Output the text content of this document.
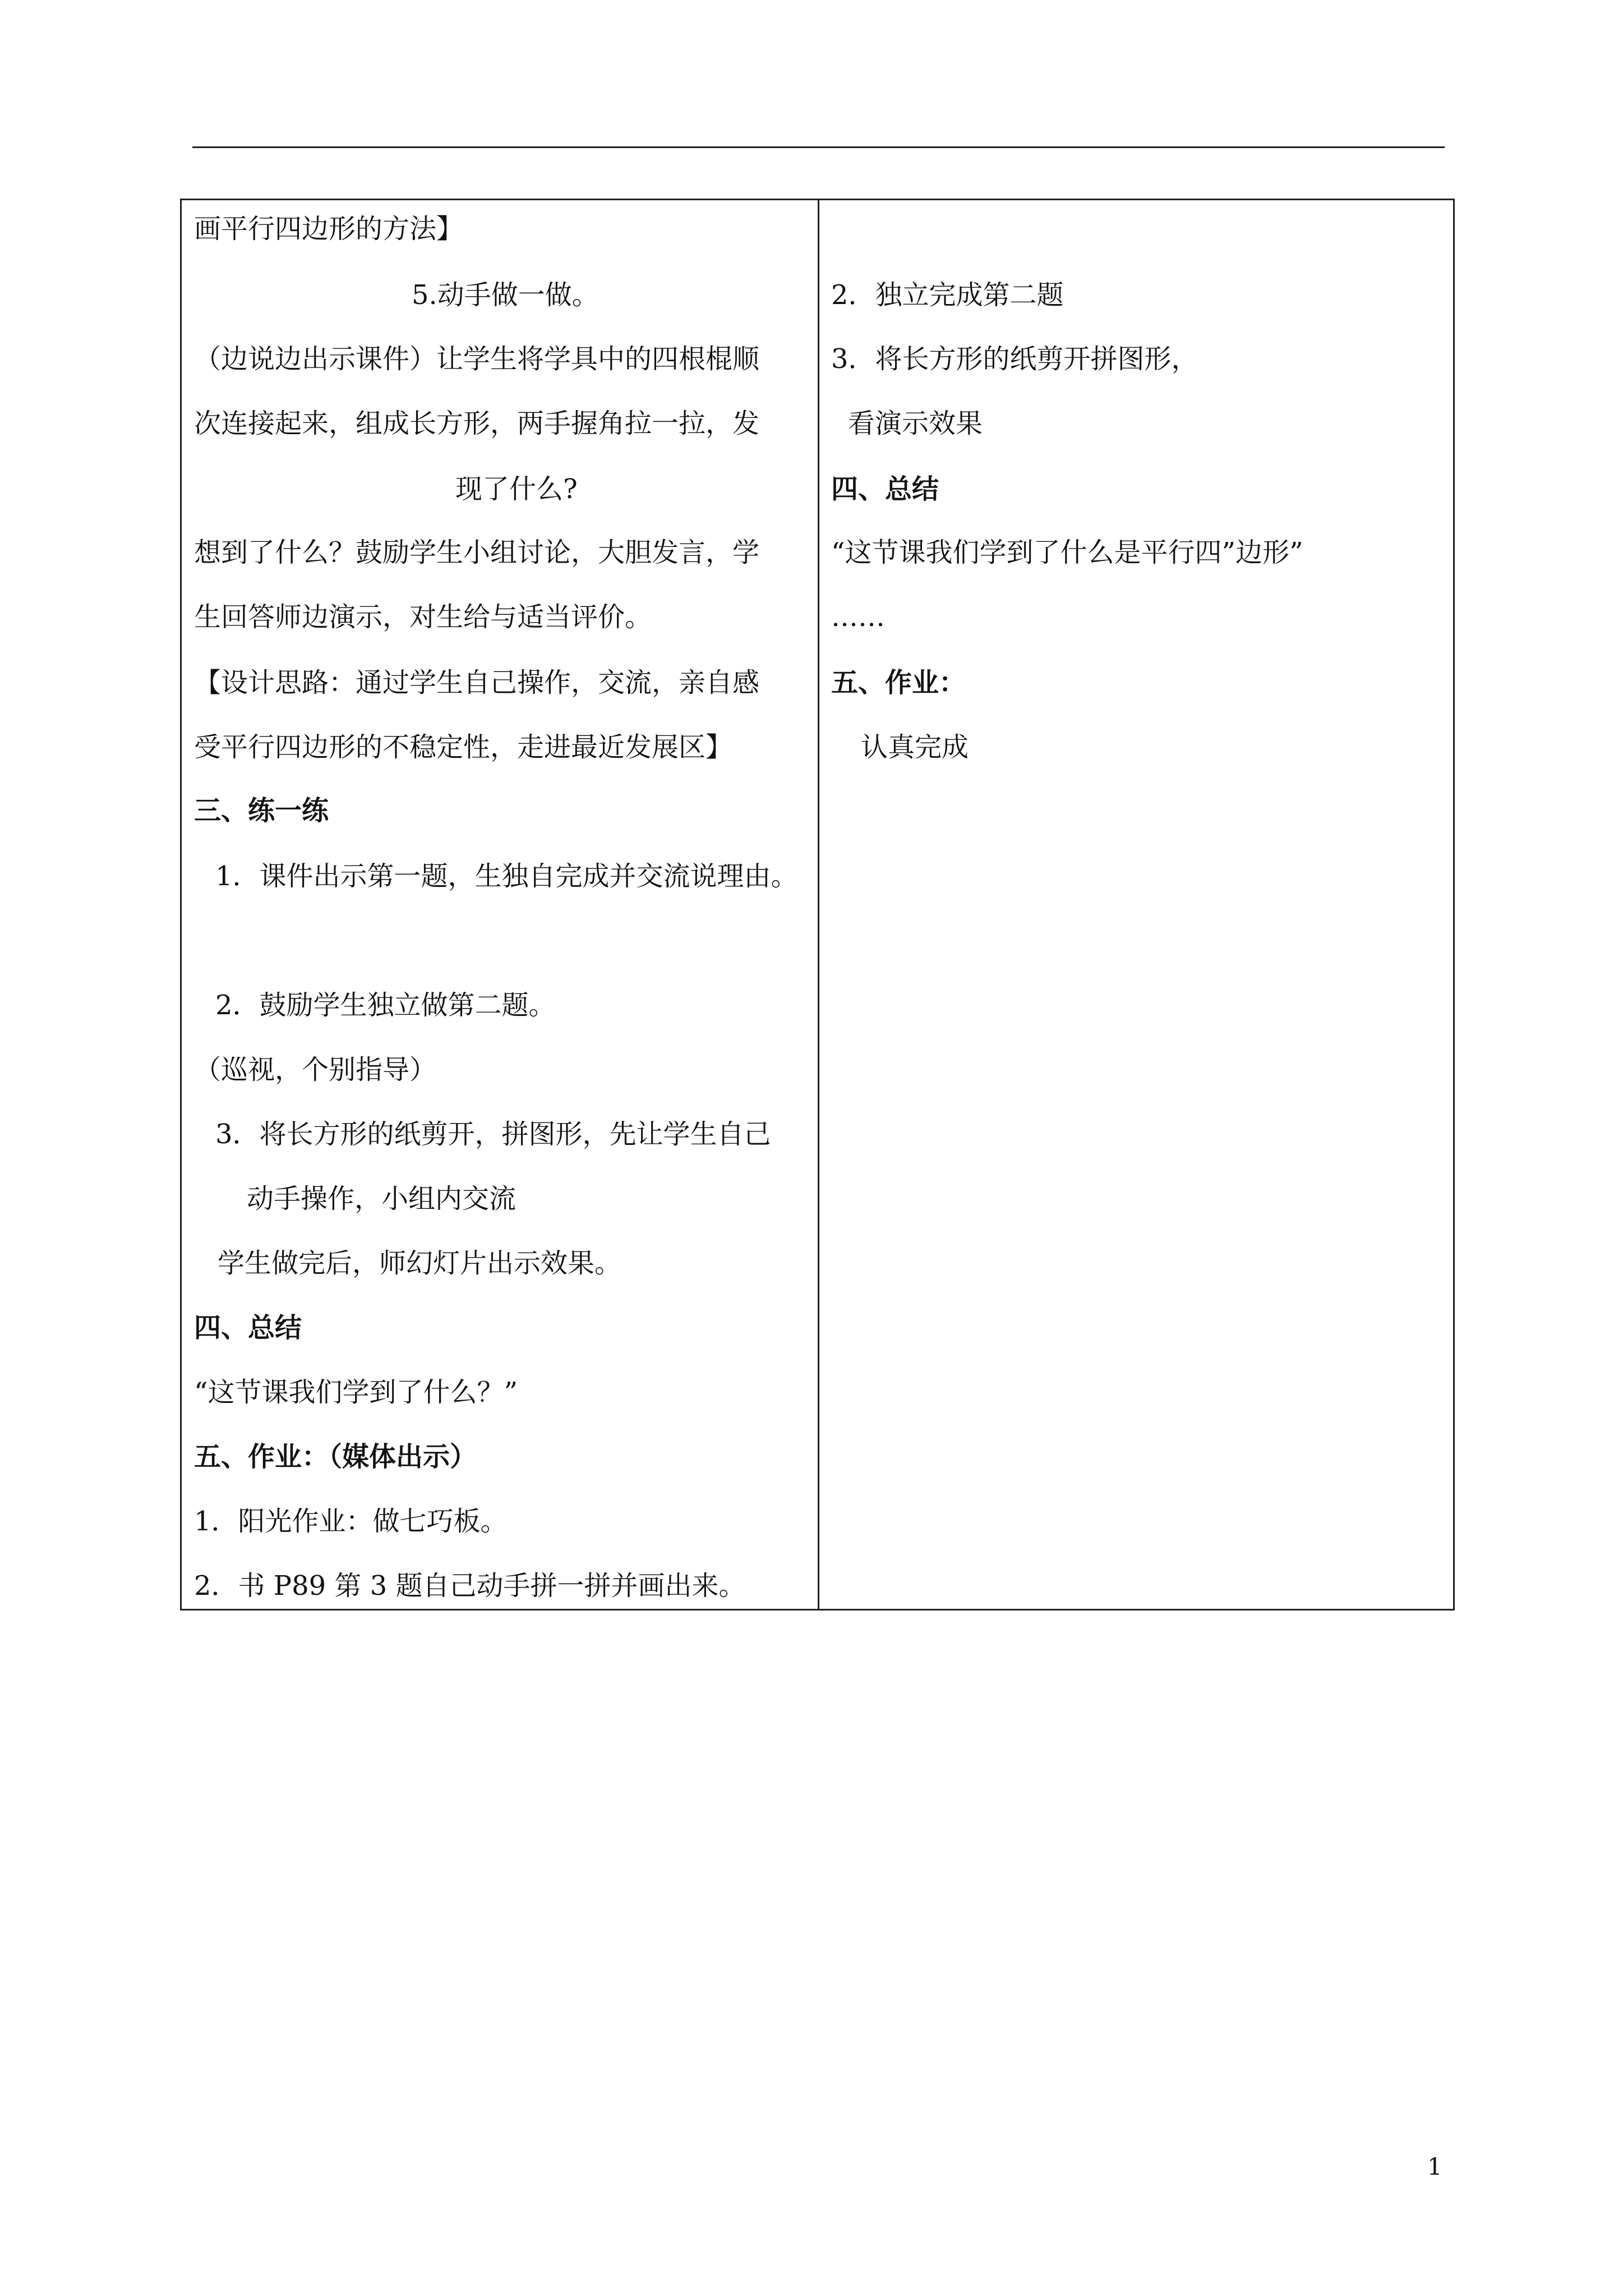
画平行四边形的方法】
5.动手做一做。
（边说边出示课件）让学生将学具中的四根棍顺
次连接起来，组成长方形，两手握角拉一拉，发
现了什么?
想到了什么？鼓励学生小组讨论，大胆发言，学
生回答师边演示，对生给与适当评价。
【设计思路：通过学生自己操作，交流，亲自感
受平行四边形的不稳定性，走进最近发展区】
三、练一练
1．课件出示第一题，生独自完成并交流说理由。
2．鼓励学生独立做第二题。
（巡视，个别指导）
3．将长方形的纸剪开，拼图形，先让学生自己
动手操作，小组内交流
学生做完后，师幻灯片出示效果。
四、总结
“这节课我们学到了什么？”
五、作业：（媒体出示）
1．阳光作业：做七巧板。
2．书 P89 第 3 题自己动手拼一拼并画出来。
2．独立完成第二题
3．将长方形的纸剪开拼图形，
看演示效果
四、总结
“这节课我们学到了什么是平行四”边形”
……
五、作业：
认真完成
1
